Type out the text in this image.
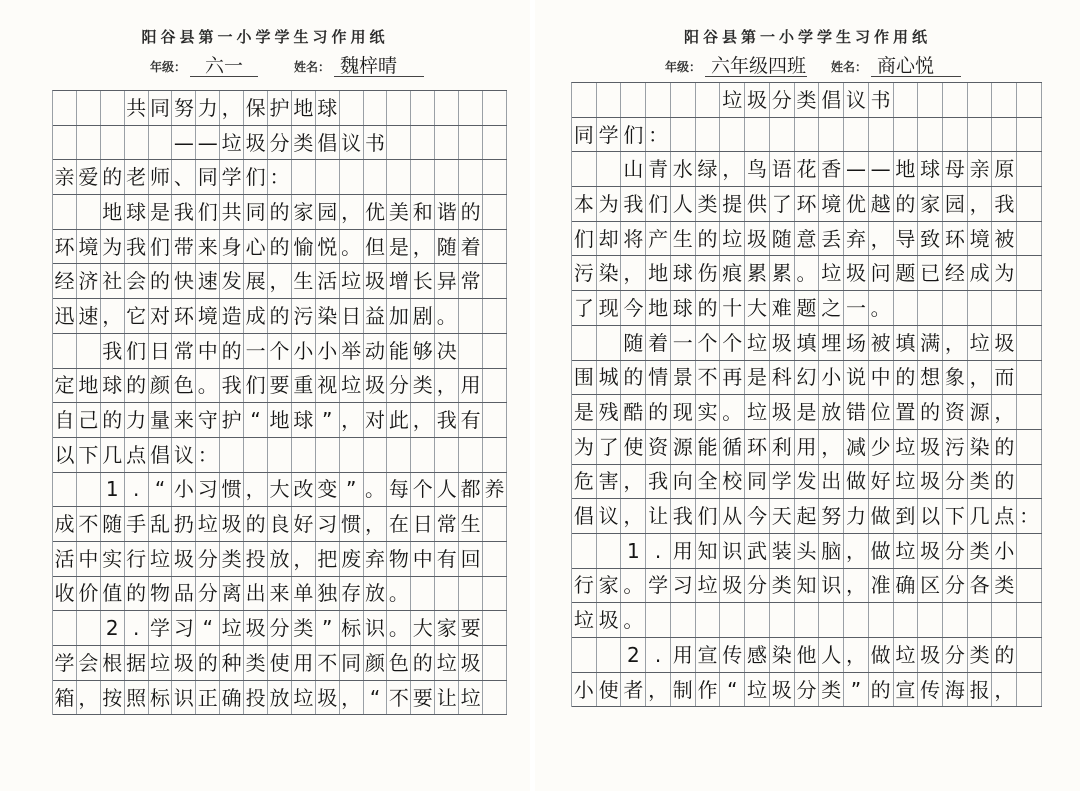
阳谷县第一小学学生习作用纸
年级： 六一	姓名： 魏梓晴
共 同 努 力 ， 保 护 地 球
— — 垃 圾 分 类 倡 议 书
亲 爱 的 老 师 、 同 学 们 ：
地 球 是 我 们 共 同 的 家 园 ， 优 美 和 谐 的
环 境 为 我 们 带 来 身 心 的 愉 悦 。 但 是 ， 随 着
经 济 社 会 的 快 速 发 展 ， 生 活 垃 圾 增 长 异 常
迅 速 ， 它 对 环 境 造 成 的 污 染 日 益 加 剧 。
我 们 日 常 中 的 一 个 小 小 举 动 能 够 决
定 地 球 的 颜 色 。 我 们 要 重 视 垃 圾 分 类 ， 用
自 己 的 力 量 来 守 护 “ 地 球 ” ， 对 此 ， 我 有
以 下 几 点 倡 议 ：
1 . “ 小 习 惯 ， 大 改 变 ” 。 每 个 人 都 养
成 不 随 手 乱 扔 垃 圾 的 良 好 习 惯 ， 在 日 常 生
活 中 实 行 垃 圾 分 类 投 放 ， 把 废 弃 物 中 有 回
收 价 值 的 物 品 分 离 出 来 单 独 存 放 。
2 . 学 习 “ 垃 圾 分 类 ” 标 识 。 大 家 要
学 会 根 据 垃 圾 的 种 类 使 用 不 同 颜 色 的 垃 圾
箱 ， 按 照 标 识 正 确 投 放 垃 圾 ， “ 不 要 让 垃
阳谷县第一小学学生习作用纸
年级： 六年级四班 姓名： 商心悦
垃 圾 分 类 倡 议 书
同 学 们 ：
山 青 水 绿 ， 鸟 语 花 香 — — 地 球 母 亲 原
本 为 我 们 人 类 提 供 了 环 境 优 越 的 家 园 ， 我
们 却 将 产 生 的 垃 圾 随 意 丢 弃 ， 导 致 环 境 被
污 染 ， 地 球 伤 痕 累 累 。 垃 圾 问 题 已 经 成 为
了 现 今 地 球 的 十 大 难 题 之 一 。
随 着 一 个 个 垃 圾 填 埋 场 被 填 满 ， 垃 圾
围 城 的 情 景 不 再 是 科 幻 小 说 中 的 想 象 ， 而
是 残 酷 的 现 实 。 垃 圾 是 放 错 位 置 的 资 源 ，
为 了 使 资 源 能 循 环 利 用 ， 减 少 垃 圾 污 染 的
危 害 ， 我 向 全 校 同 学 发 出 做 好 垃 圾 分 类 的
倡 议 ， 让 我 们 从 今 天 起 努 力 做 到 以 下 几 点 ：
1 . 用 知 识 武 装 头 脑 ， 做 垃 圾 分 类 小
行 家 。 学 习 垃 圾 分 类 知 识 ， 准 确 区 分 各 类
垃 圾 。
2 . 用 宣 传 感 染 他 人 ， 做 垃 圾 分 类 的
小 使 者 ， 制 作 “ 垃 圾 分 类 ” 的 宣 传 海 报 ，
